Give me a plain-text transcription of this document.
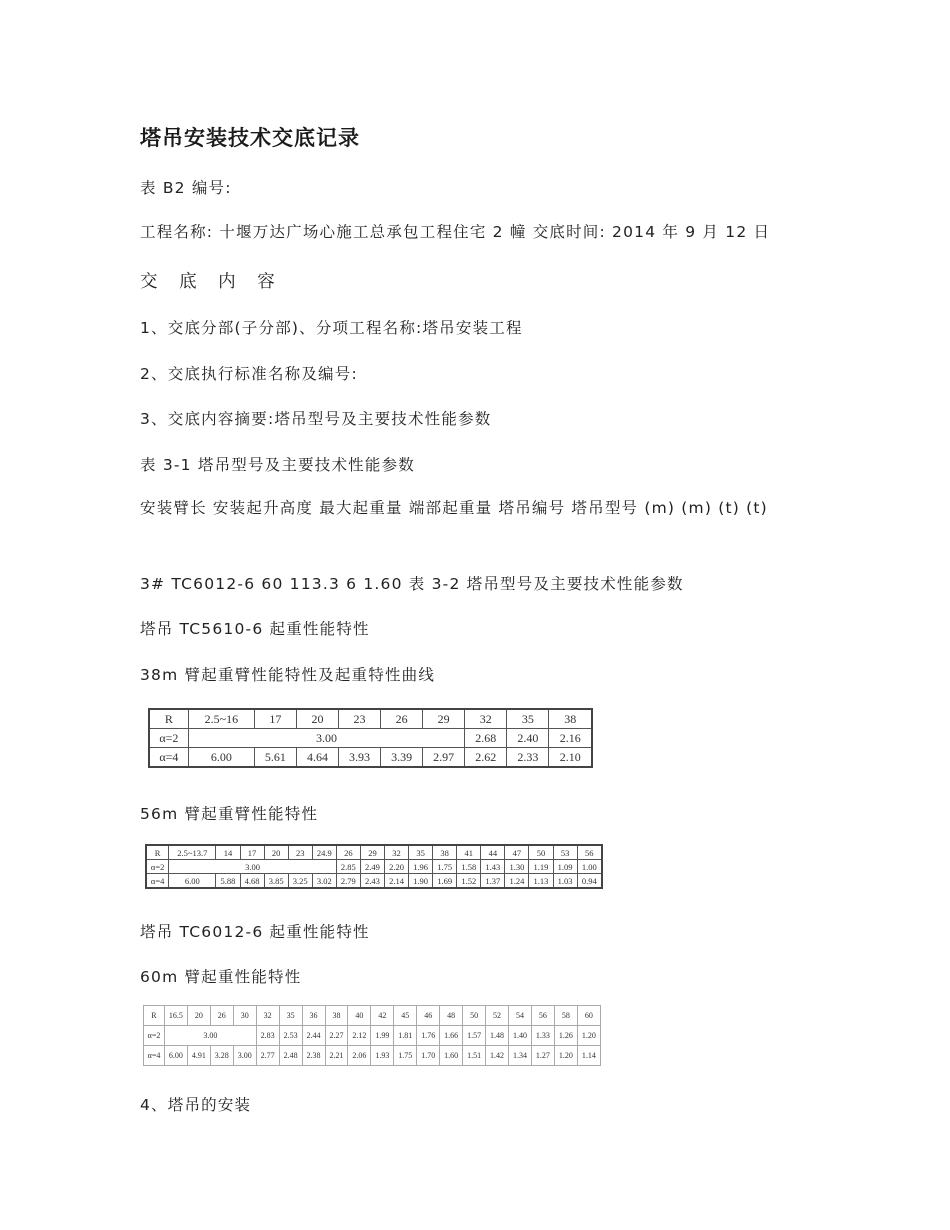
塔吊安装技术交底记录

表 B2 编号:

工程名称: 十堰万达广场心施工总承包工程住宅 2 幢 交底时间: 2014 年 9 月 12 日

交 底 内 容

1、交底分部(子分部)、分项工程名称:塔吊安装工程

2、交底执行标准名称及编号:

3、交底内容摘要:塔吊型号及主要技术性能参数

表 3-1 塔吊型号及主要技术性能参数

安装臂长 安装起升高度 最大起重量 端部起重量 塔吊编号 塔吊型号 (m) (m) (t) (t)

3# TC6012-6 60 113.3 6 1.60 表 3-2 塔吊型号及主要技术性能参数

塔吊 TC5610-6 起重性能特性

38m 臂起重臂性能特性及起重特性曲线

R	2.5~16	17	20	23	26	29	32	35	38
α=2	3.00						2.68	2.40	2.16
α=4	6.00	5.61	4.64	3.93	3.39	2.97	2.62	2.33	2.10

56m 臂起重臂性能特性

R	2.5~13.7	14	17	20	23	24.9	26	29	32	35	38	41	44	47	50	53	56
α=2	3.00						2.85	2.49	2.20	1.96	1.75	1.58	1.43	1.30	1.19	1.09	1.00
α=4	6.00	5.88	4.68	3.85	3.25	3.02	2.79	2.43	2.14	1.90	1.69	1.52	1.37	1.24	1.13	1.03	0.94

塔吊 TC6012-6 起重性能特性

60m 臂起重性能特性

R	16.5	20	26	30	32	35	36	38	40	42	45	46	48	50	52	54	56	58	60
α=2	3.00				2.83	2.53	2.44	2.27	2.12	1.99	1.81	1.76	1.66	1.57	1.48	1.40	1.33	1.26	1.20
α=4	6.00	4.91	3.28	3.00	2.77	2.48	2.38	2.21	2.06	1.93	1.75	1.70	1.60	1.51	1.42	1.34	1.27	1.20	1.14

4、塔吊的安装
